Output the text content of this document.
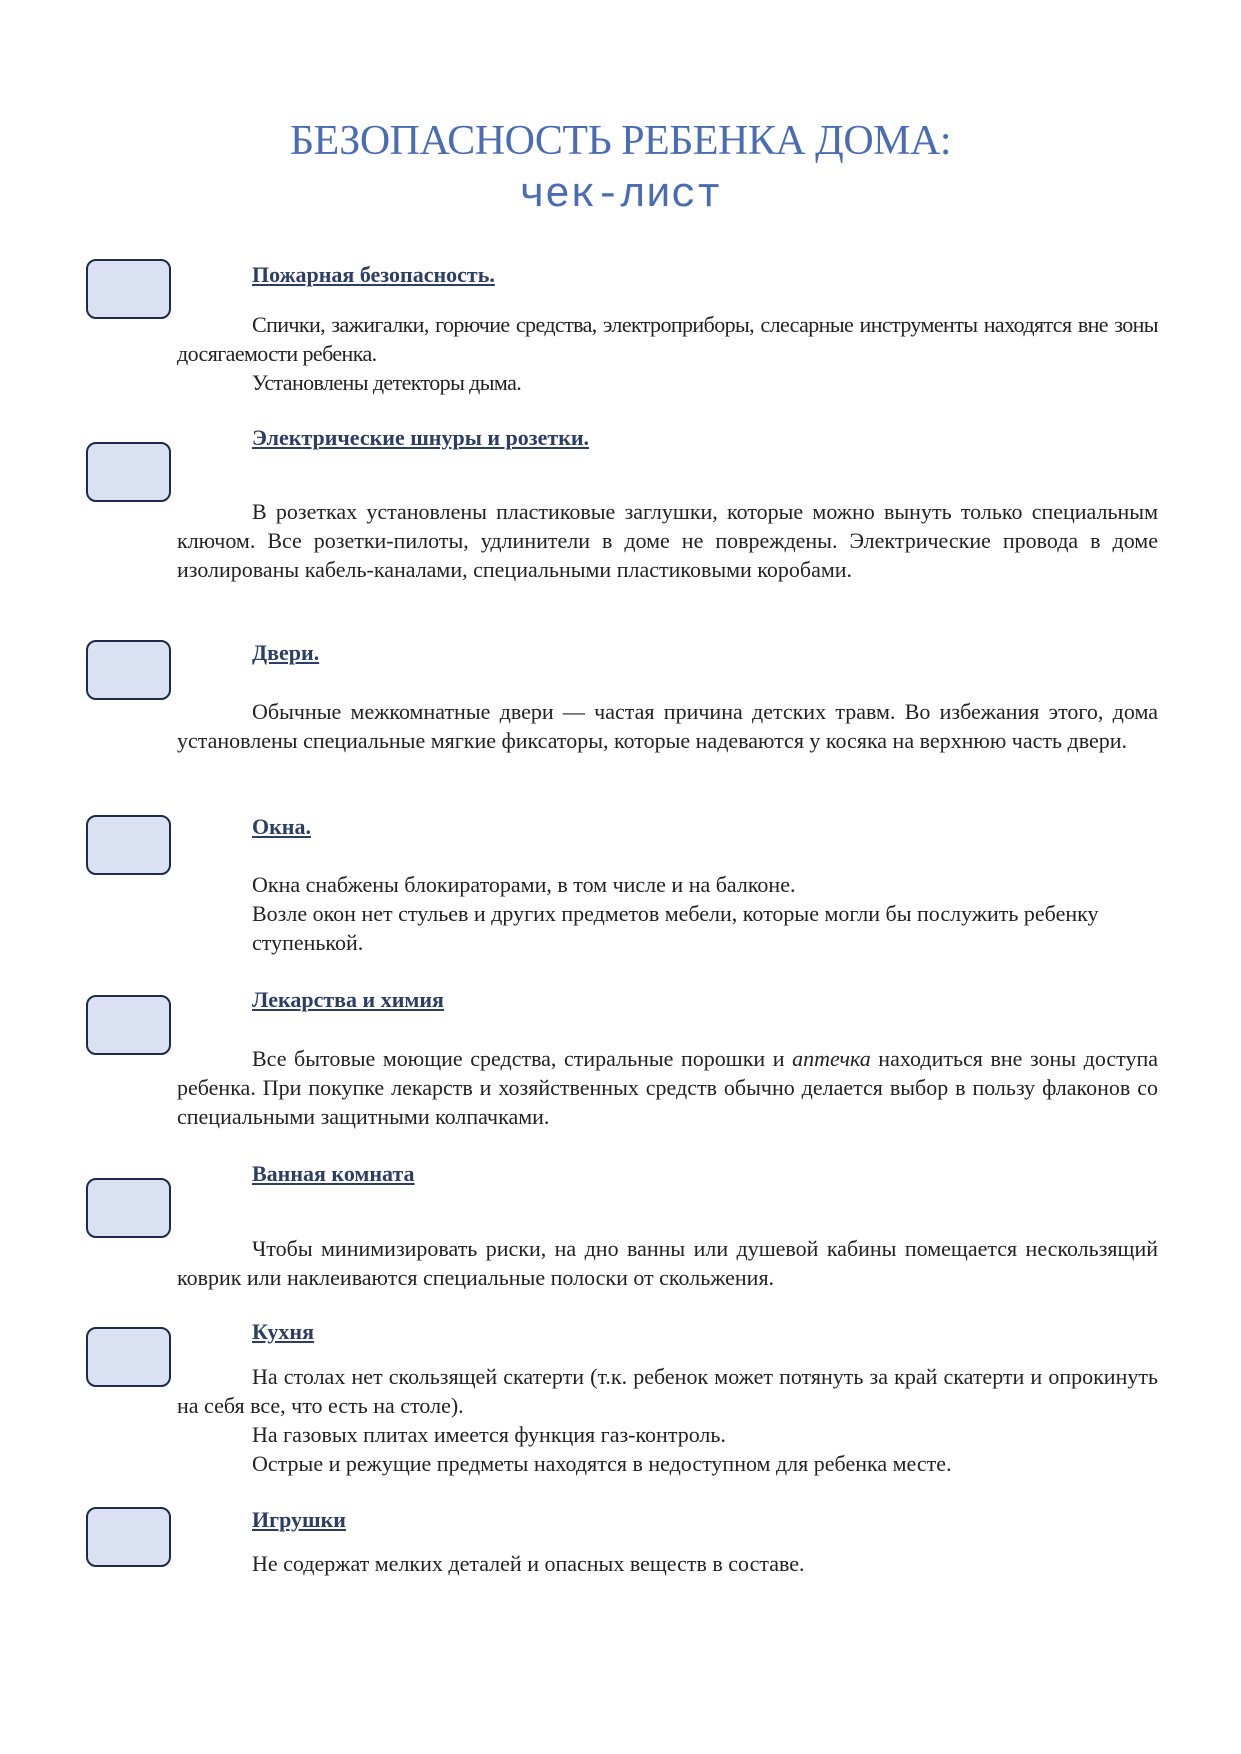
БЕЗОПАСНОСТЬ РЕБЕНКА ДОМА:
чек-лист
Пожарная безопасность.

Спички, зажигалки, горючие средства, электроприборы, слесарные инструменты находятся вне зоны досягаемости ребенка.

Установлены детекторы дыма.

Электрические шнуры и розетки.

В розетках установлены пластиковые заглушки, которые можно вынуть только специальным ключом. Все розетки-пилоты, удлинители в доме не повреждены. Электрические провода в доме изолированы кабель-каналами, специальными пластиковыми коробами.

Двери.

Обычные межкомнатные двери — частая причина детских травм. Во избежания этого, дома установлены специальные мягкие фиксаторы, которые надеваются у косяка на верхнюю часть двери.

Окна.

Окна снабжены блокираторами, в том числе и на балконе.

Возле окон нет стульев и других предметов мебели, которые могли бы послужить ребенку ступенькой.

Лекарства и химия

Все бытовые моющие средства, стиральные порошки и аптечка находиться вне зоны доступа ребенка. При покупке лекарств и хозяйственных средств обычно делается выбор в пользу флаконов со специальными защитными колпачками.

Ванная комната

Чтобы минимизировать риски, на дно ванны или душевой кабины помещается нескользящий коврик или наклеиваются специальные полоски от скольжения.

Кухня

На столах нет скользящей скатерти (т.к. ребенок может потянуть за край скатерти и опрокинуть на себя все, что есть на столе).

На газовых плитах имеется функция газ-контроль.

Острые и режущие предметы находятся в недоступном для ребенка месте.

Игрушки

Не содержат мелких деталей и опасных веществ в составе.
